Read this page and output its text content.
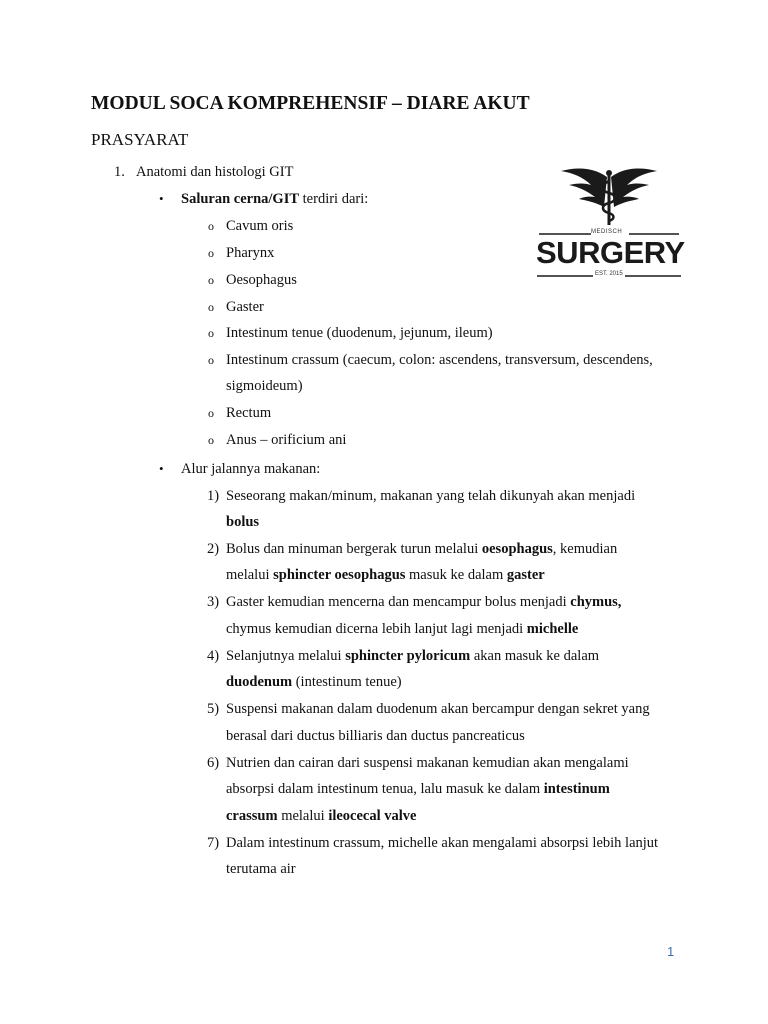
MODUL SOCA KOMPREHENSIF – DIARE AKUT
PRASYARAT
1. Anatomi dan histologi GIT
• Saluran cerna/GIT terdiri dari:
o Cavum oris
o Pharynx
o Oesophagus
o Gaster
o Intestinum tenue (duodenum, jejunum, ileum)
o Intestinum crassum (caecum, colon: ascendens, transversum, descendens,
sigmoideum)
o Rectum
o Anus – orificium ani
• Alur jalannya makanan:
1) Seseorang makan/minum, makanan yang telah dikunyah akan menjadi
bolus
2) Bolus dan minuman bergerak turun melalui oesophagus, kemudian
melalui sphincter oesophagus masuk ke dalam gaster
3) Gaster kemudian mencerna dan mencampur bolus menjadi chymus,
chymus kemudian dicerna lebih lanjut lagi menjadi michelle
4) Selanjutnya melalui sphincter pyloricum akan masuk ke dalam
duodenum (intestinum tenue)
5) Suspensi makanan dalam duodenum akan bercampur dengan sekret yang
berasal dari ductus billiaris dan ductus pancreaticus
6) Nutrien dan cairan dari suspensi makanan kemudian akan mengalami
absorpsi dalam intestinum tenua, lalu masuk ke dalam intestinum
crassum melalui ileocecal valve
7) Dalam intestinum crassum, michelle akan mengalami absorpsi lebih lanjut
terutama air
MEDISCH
SURGERY
EST. 2015
1
